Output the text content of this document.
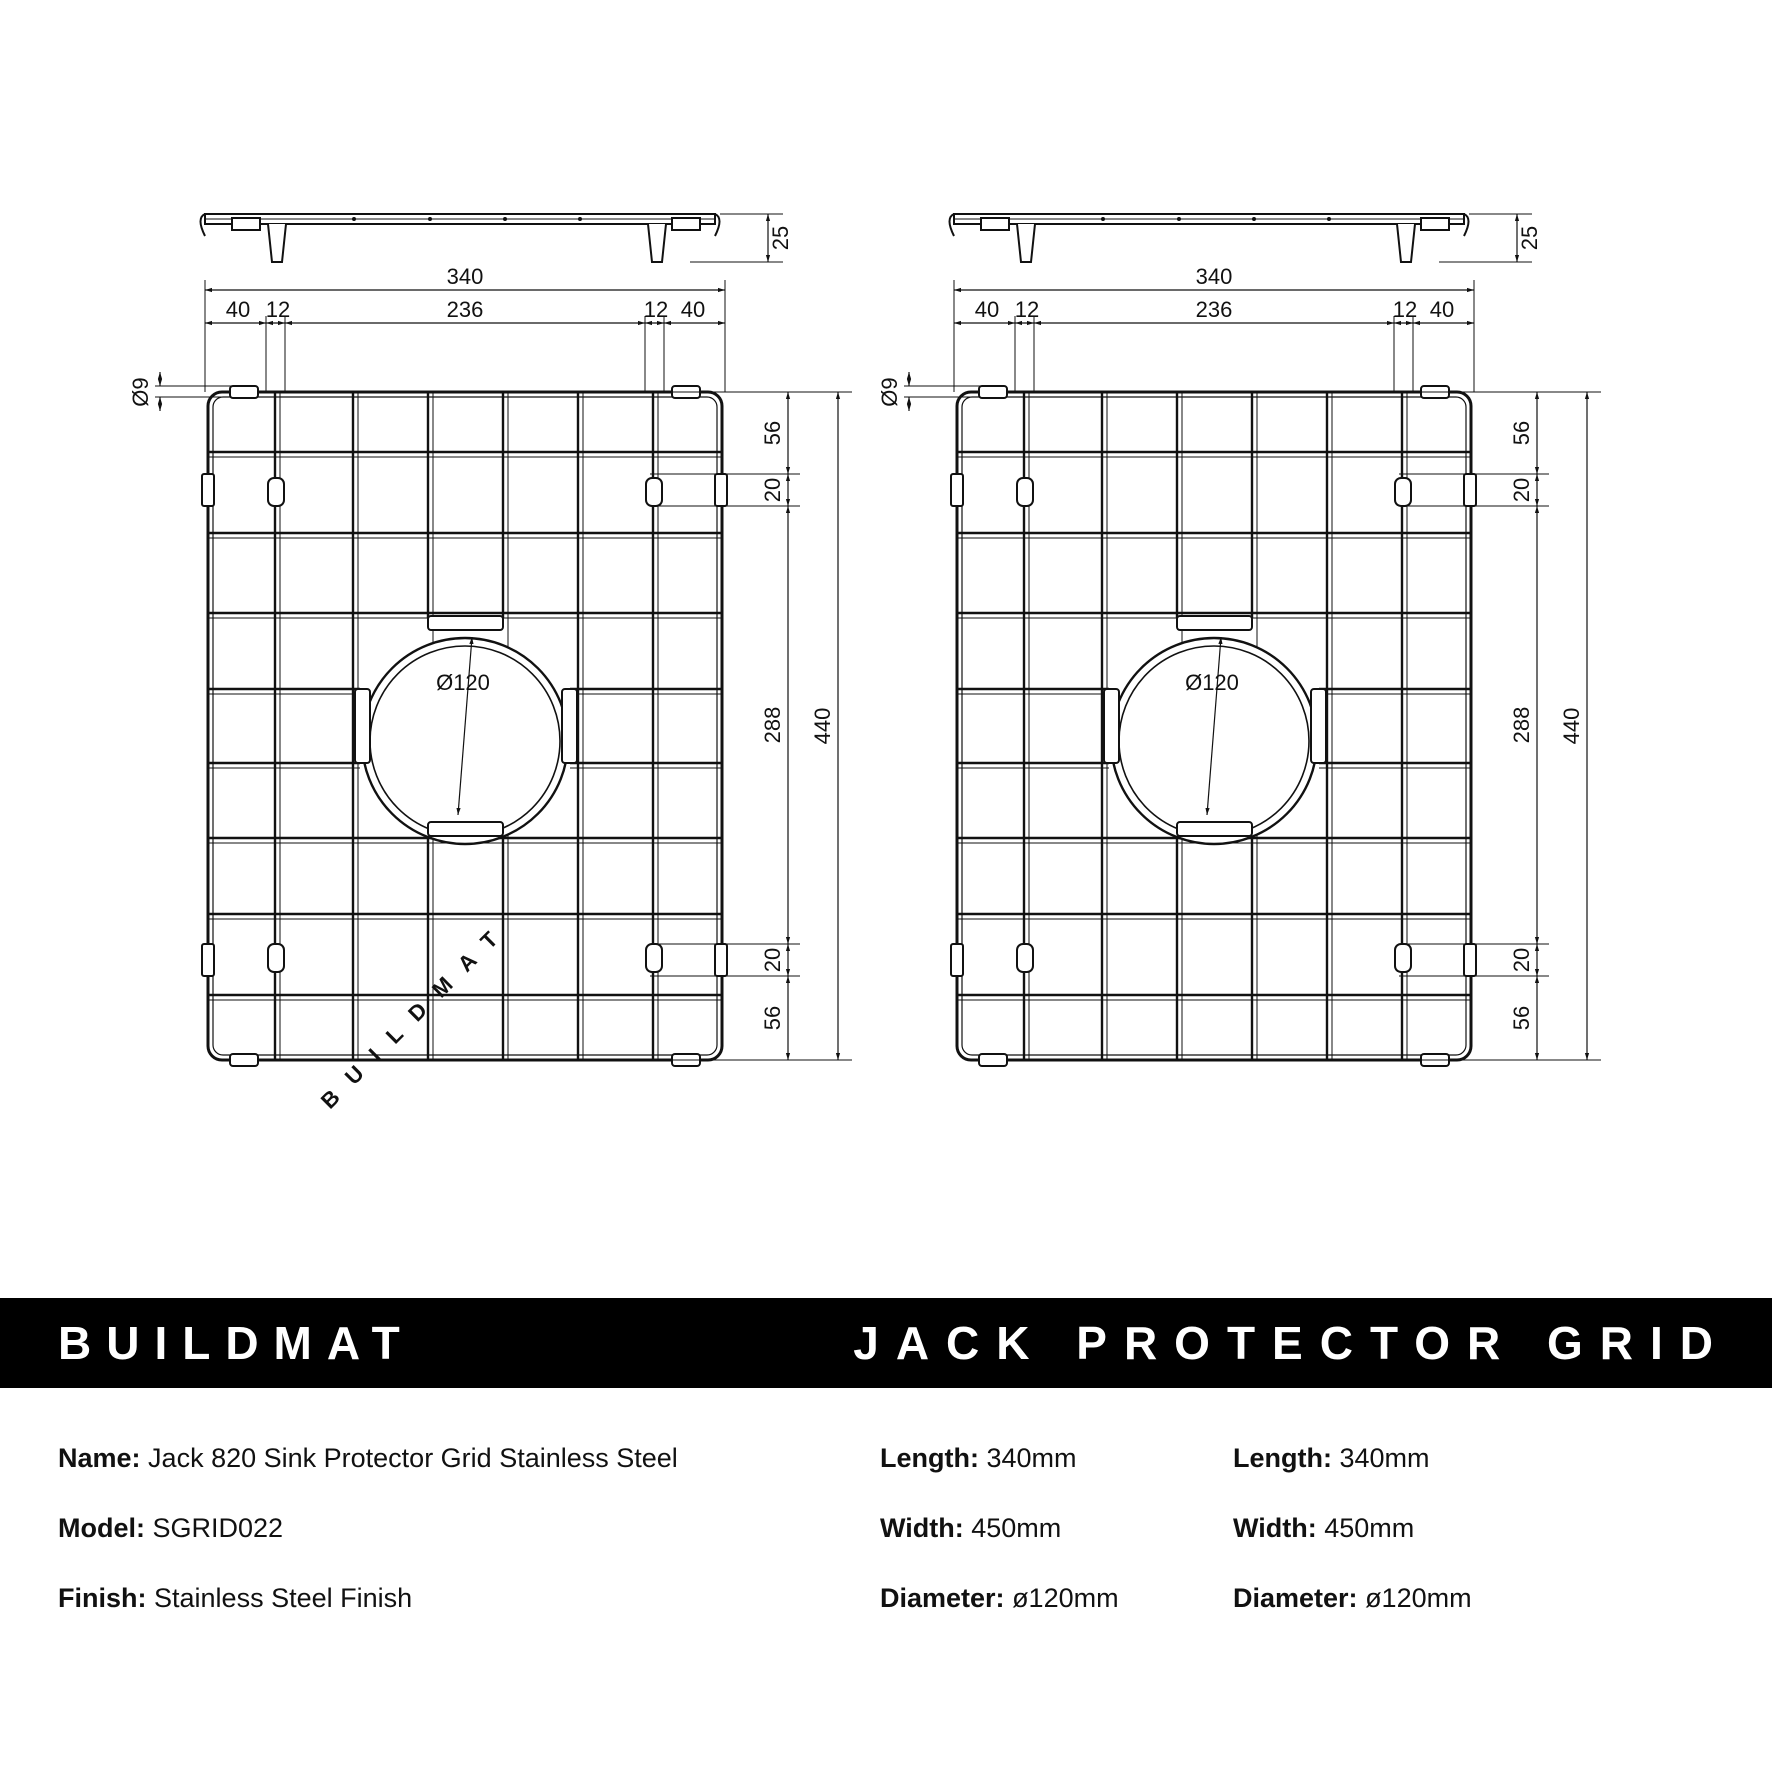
BUILDMAT
25
340
40 12	236	12 40
Ø9
Ø120
56
20
288
20
56
440
25
340
40 12	236	12 40
Ø9
Ø120
56
20
288
20
56
440
BUILDMAT	JACK PROTECTOR GRID
Name: Jack 820 Sink Protector Grid Stainless Steel
Model: SGRID022
Finish: Stainless Steel Finish
Length: 340mm
Width: 450mm
Diameter: ø120mm
Length: 340mm
Width: 450mm
Diameter: ø120mm
